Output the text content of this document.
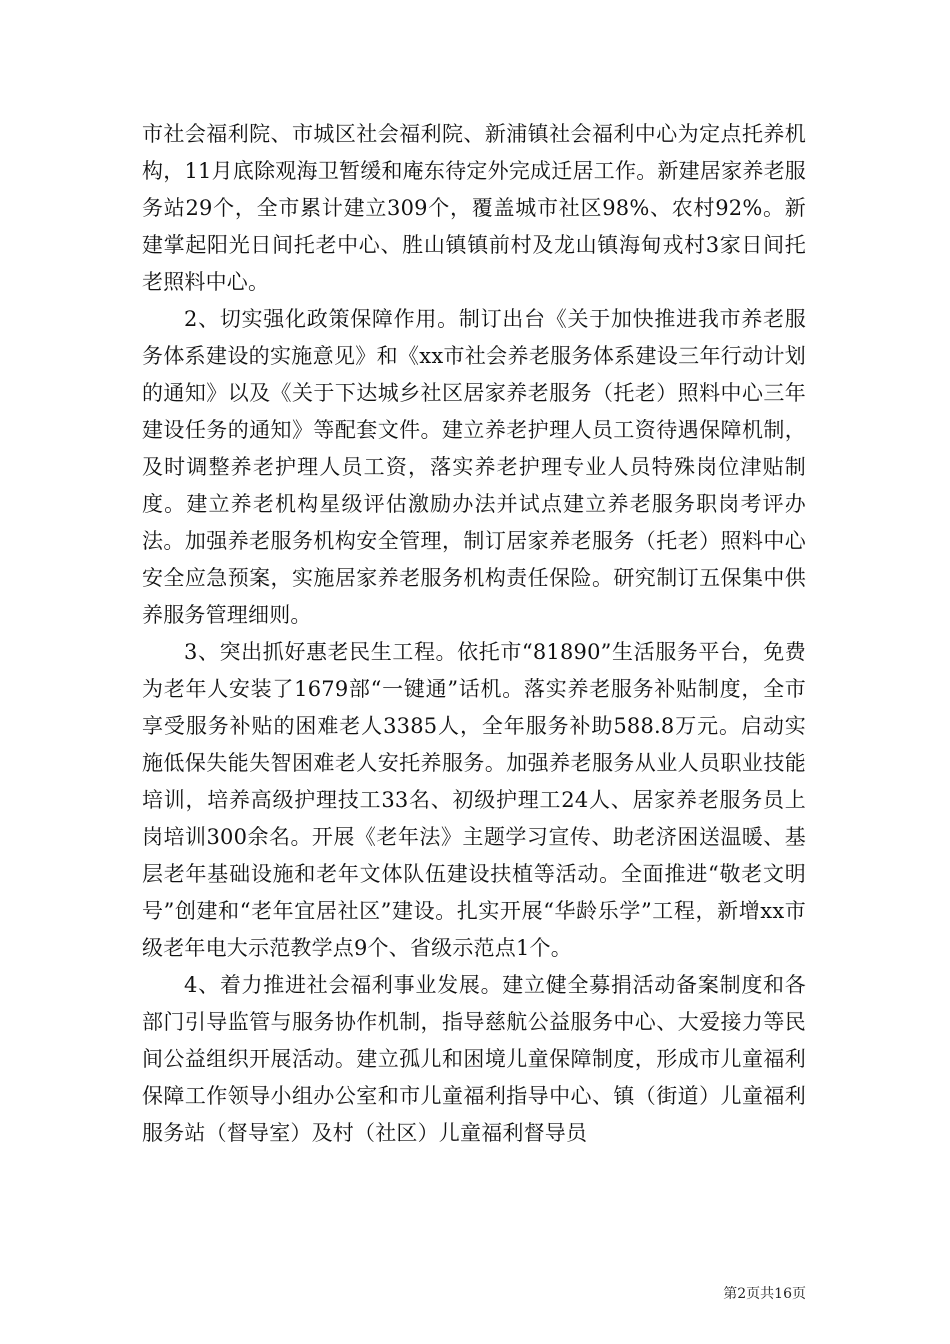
市社会福利院、市城区社会福利院、新浦镇社会福利中心为定点托养机构，11月底除观海卫暂缓和庵东待定外完成迁居工作。新建居家养老服务站29个，全市累计建立309个，覆盖城市社区98%、农村92%。新建掌起阳光日间托老中心、胜山镇镇前村及龙山镇海甸戎村3家日间托老照料中心。

2、切实强化政策保障作用。制订出台《关于加快推进我市养老服务体系建设的实施意见》和《xx市社会养老服务体系建设三年行动计划的通知》以及《关于下达城乡社区居家养老服务（托老）照料中心三年建设任务的通知》等配套文件。建立养老护理人员工资待遇保障机制，及时调整养老护理人员工资，落实养老护理专业人员特殊岗位津贴制度。建立养老机构星级评估激励办法并试点建立养老服务职岗考评办法。加强养老服务机构安全管理，制订居家养老服务（托老）照料中心安全应急预案，实施居家养老服务机构责任保险。研究制订五保集中供养服务管理细则。

3、突出抓好惠老民生工程。依托市“81890”生活服务平台，免费为老年人安装了1679部“一键通”话机。落实养老服务补贴制度，全市享受服务补贴的困难老人3385人，全年服务补助588.8万元。启动实施低保失能失智困难老人安托养服务。加强养老服务从业人员职业技能培训，培养高级护理技工33名、初级护理工24人、居家养老服务员上岗培训300余名。开展《老年法》主题学习宣传、助老济困送温暖、基层老年基础设施和老年文体队伍建设扶植等活动。全面推进“敬老文明号”创建和“老年宜居社区”建设。扎实开展“华龄乐学”工程，新增xx市级老年电大示范教学点9个、省级示范点1个。

4、着力推进社会福利事业发展。建立健全募捐活动备案制度和各部门引导监管与服务协作机制，指导慈航公益服务中心、大爱接力等民间公益组织开展活动。建立孤儿和困境儿童保障制度，形成市儿童福利保障工作领导小组办公室和市儿童福利指导中心、镇（街道）儿童福利服务站（督导室）及村（社区）儿童福利督导员

第2页共16页
